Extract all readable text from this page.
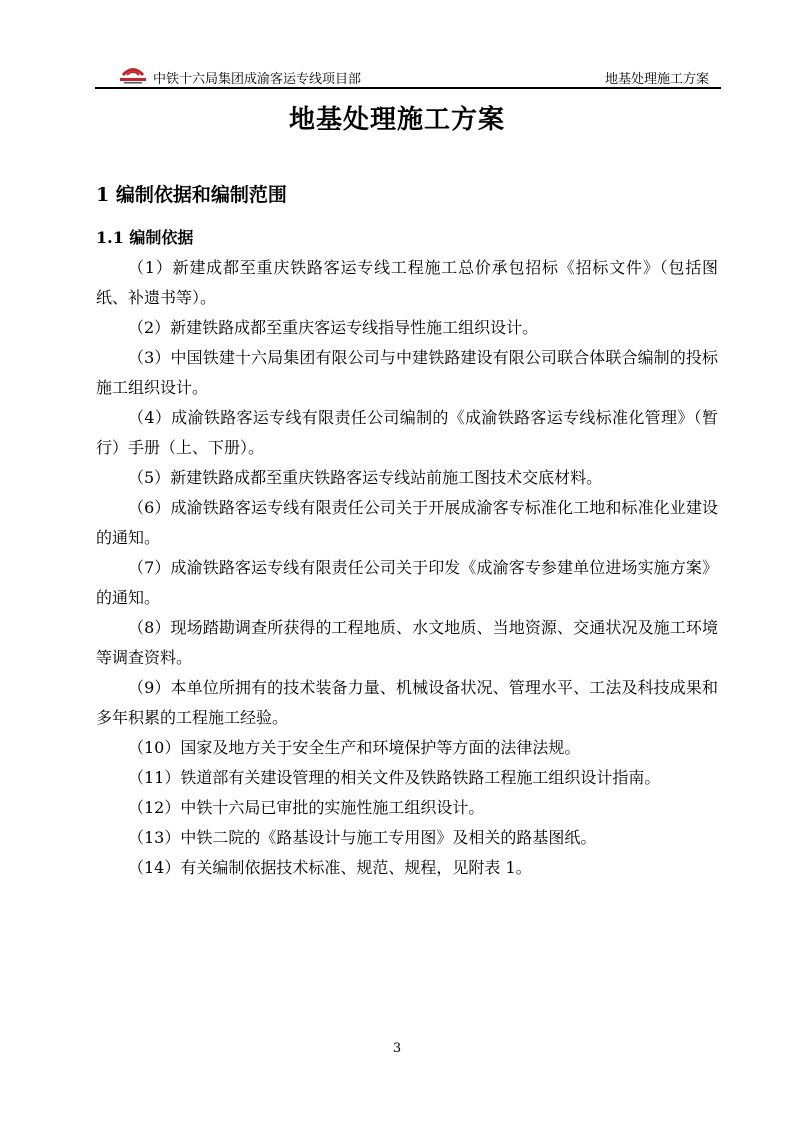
中铁十六局集团成渝客运专线项目部	地基处理施工方案
地基处理施工方案
1 编制依据和编制范围
1.1 编制依据

（1）新建成都至重庆铁路客运专线工程施工总价承包招标《招标文件》（包括图纸、补遗书等）。

（2）新建铁路成都至重庆客运专线指导性施工组织设计。

（3）中国铁建十六局集团有限公司与中建铁路建设有限公司联合体联合编制的投标施工组织设计。

（4）成渝铁路客运专线有限责任公司编制的《成渝铁路客运专线标准化管理》（暂行）手册（上、下册）。

（5）新建铁路成都至重庆铁路客运专线站前施工图技术交底材料。

（6）成渝铁路客运专线有限责任公司关于开展成渝客专标准化工地和标准化业建设的通知。

（7）成渝铁路客运专线有限责任公司关于印发《成渝客专参建单位进场实施方案》的通知。

（8）现场踏勘调查所获得的工程地质、水文地质、当地资源、交通状况及施工环境等调查资料。

（9）本单位所拥有的技术装备力量、机械设备状况、管理水平、工法及科技成果和多年积累的工程施工经验。

（10）国家及地方关于安全生产和环境保护等方面的法律法规。

（11）铁道部有关建设管理的相关文件及铁路铁路工程施工组织设计指南。

（12）中铁十六局已审批的实施性施工组织设计。

（13）中铁二院的《路基设计与施工专用图》及相关的路基图纸。

（14）有关编制依据技术标准、规范、规程，见附表 1。

3
